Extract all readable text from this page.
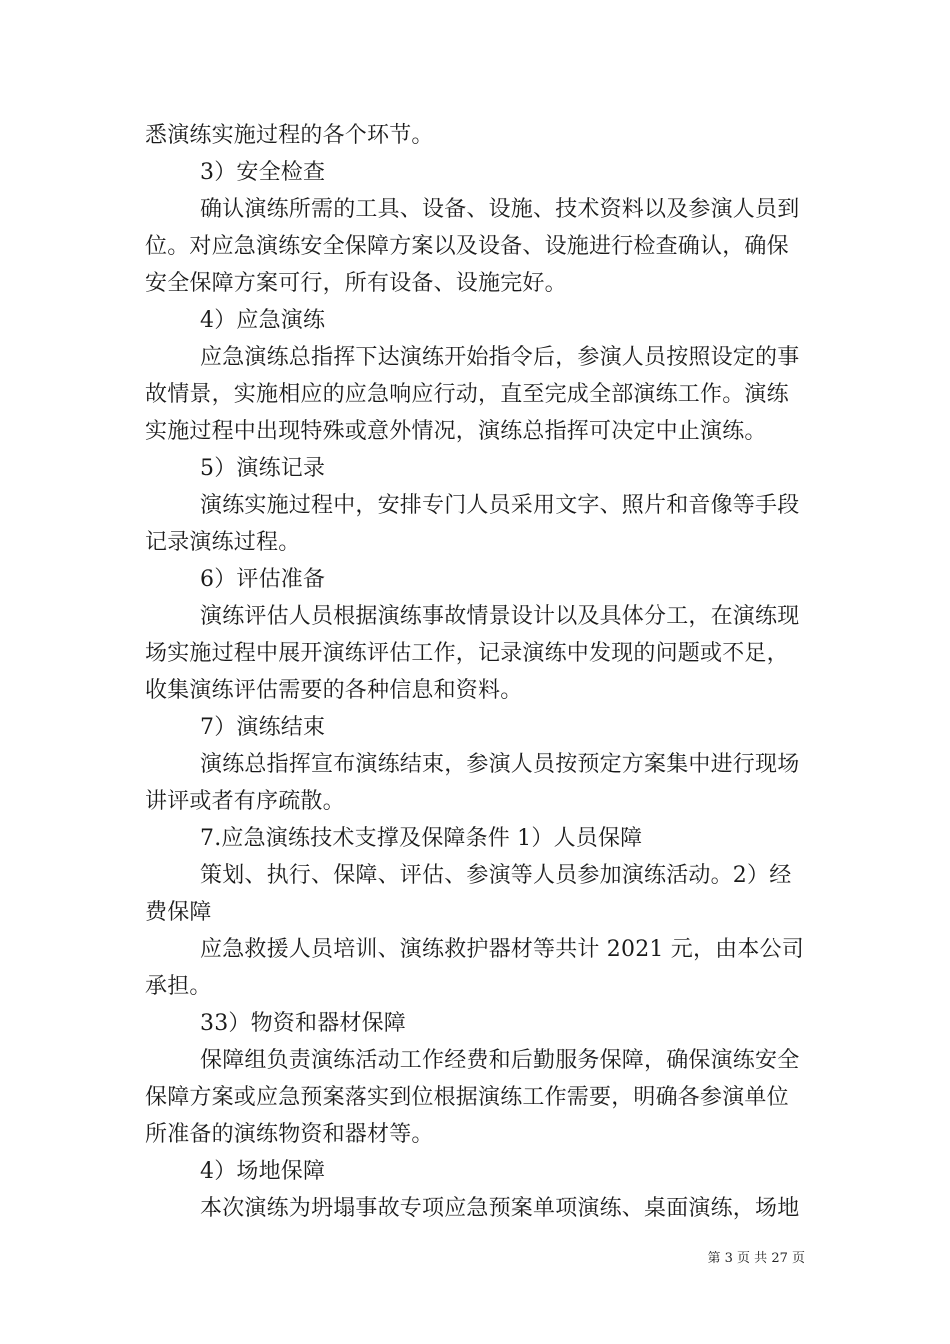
悉演练实施过程的各个环节。
3）安全检查
确认演练所需的工具、设备、设施、技术资料以及参演人员到
位。对应急演练安全保障方案以及设备、设施进行检查确认，确保
安全保障方案可行，所有设备、设施完好。
4）应急演练
应急演练总指挥下达演练开始指令后，参演人员按照设定的事
故情景，实施相应的应急响应行动，直至完成全部演练工作。演练
实施过程中出现特殊或意外情况，演练总指挥可决定中止演练。
5）演练记录
演练实施过程中，安排专门人员采用文字、照片和音像等手段
记录演练过程。
6）评估准备
演练评估人员根据演练事故情景设计以及具体分工，在演练现
场实施过程中展开演练评估工作，记录演练中发现的问题或不足，
收集演练评估需要的各种信息和资料。
7）演练结束
演练总指挥宣布演练结束，参演人员按预定方案集中进行现场
讲评或者有序疏散。
7.应急演练技术支撑及保障条件 1）人员保障
策划、执行、保障、评估、参演等人员参加演练活动。2）经
费保障
应急救援人员培训、演练救护器材等共计 2021 元，由本公司
承担。
33）物资和器材保障
保障组负责演练活动工作经费和后勤服务保障，确保演练安全
保障方案或应急预案落实到位根据演练工作需要，明确各参演单位
所准备的演练物资和器材等。
4）场地保障
本次演练为坍塌事故专项应急预案单项演练、桌面演练，场地
第 3 页 共 27 页
